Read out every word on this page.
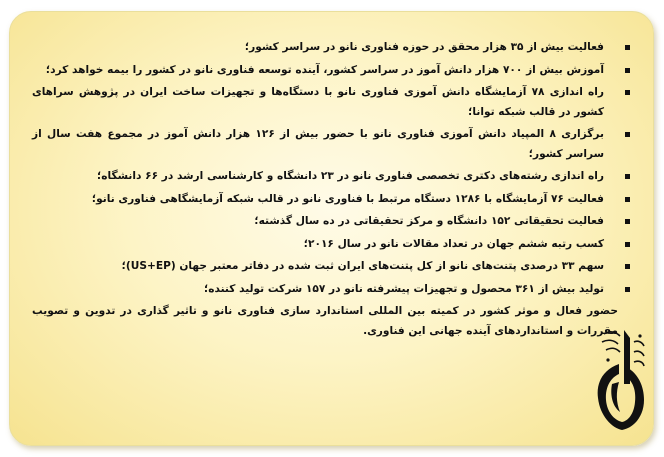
فعالیت بیش از ۳۵ هزار محقق در حوزه فناوری نانو در سراسر کشور؛
آموزش بیش از ۷۰۰ هزار دانش آموز در سراسر کشور، آینده توسعه فناوری نانو در کشور را بیمه خواهد کرد؛
راه اندازی ۷۸ آزمایشگاه دانش آموزی فناوری نانو با دستگاه‌ها و تجهیزات ساخت ایران در پژوهش سراهای کشور در قالب شبکه توانا؛
برگزاری ۸ المپیاد دانش آموزی فناوری نانو با حضور بیش از ۱۲۶ هزار دانش آموز در مجموع هفت سال از سراسر کشور؛
راه اندازی رشته‌های دکتری تخصصی فناوری نانو در ۲۳ دانشگاه و کارشناسی ارشد در ۶۶ دانشگاه؛
فعالیت ۷۶ آزمایشگاه با ۱۲۸۶ دستگاه مرتبط با فناوری نانو در قالب شبکه آزمایشگاهی فناوری نانو؛
فعالیت تحقیقاتی ۱۵۲ دانشگاه و مرکز تحقیقاتی در ده سال گذشته؛
کسب رتبه ششم جهان در تعداد مقالات نانو در سال ۲۰۱۶؛
سهم ۳۳ درصدی پتنت‌های نانو از کل پتنت‌های ایران ثبت شده در دفاتر معتبر جهان (US+EP)؛
تولید بیش از ۳۶۱ محصول و تجهیزات پیشرفته نانو در ۱۵۷ شرکت تولید کننده؛
حضور فعال و موثر کشور در کمیته بین المللی استاندارد سازی فناوری نانو و تاثیر گذاری در تدوین و تصویب مقررات و استانداردهای آینده جهانی این فناوری.
